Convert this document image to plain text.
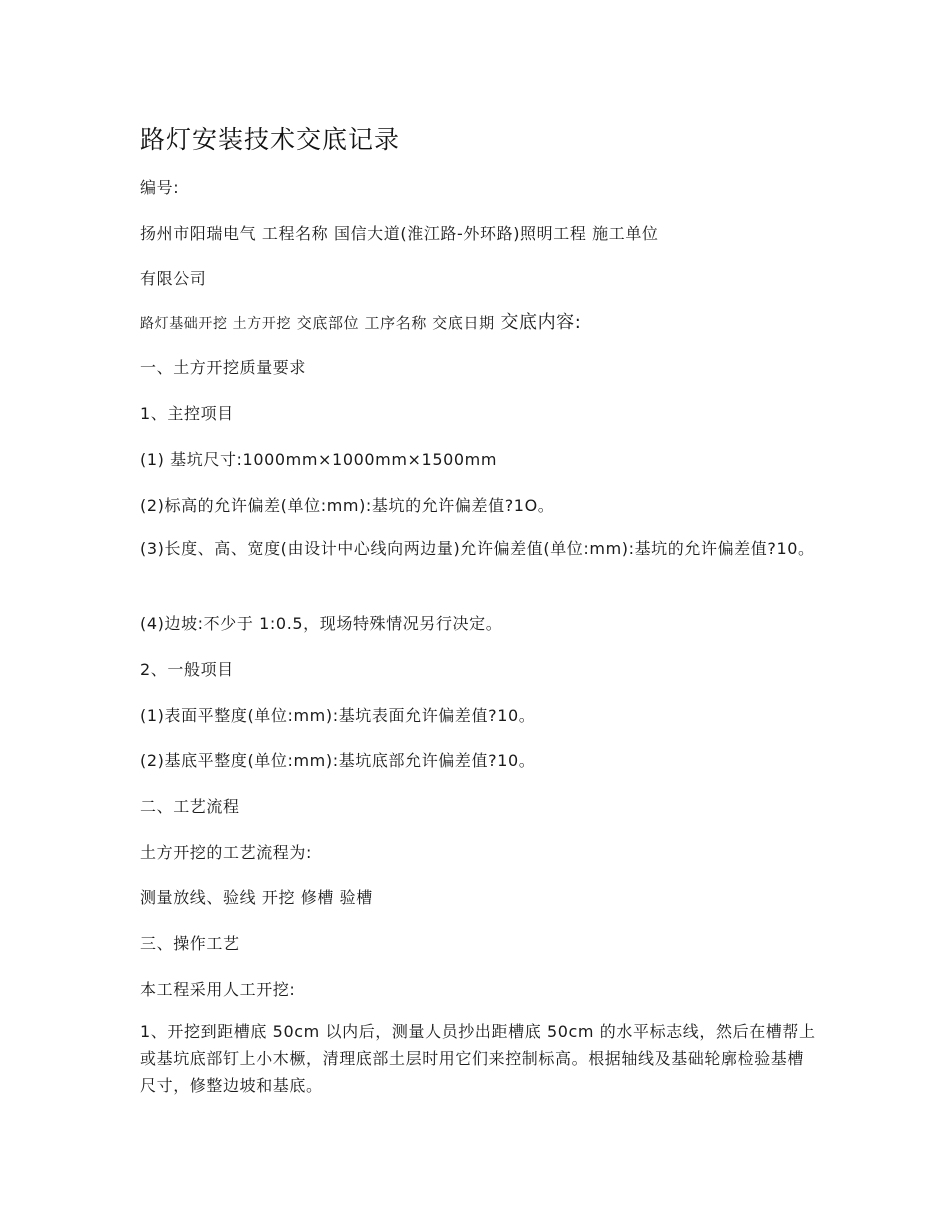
路灯安装技术交底记录
编号:
扬州市阳瑞电气 工程名称 国信大道(淮江路-外环路)照明工程 施工单位
有限公司
路灯基础开挖 土方开挖 交底部位 工序名称 交底日期 交底内容:
一、土方开挖质量要求
1、主控项目
(1) 基坑尺寸:1000mm×1000mm×1500mm
(2)标高的允许偏差(单位:mm):基坑的允许偏差值?1O。
(3)长度、高、宽度(由设计中心线向两边量)允许偏差值(单位:mm):基坑的允许偏差值?10。
(4)边坡:不少于 1:0.5，现场特殊情况另行决定。
2、一般项目
(1)表面平整度(单位:mm):基坑表面允许偏差值?10。
(2)基底平整度(单位:mm):基坑底部允许偏差值?10。
二、工艺流程
土方开挖的工艺流程为:
测量放线、验线 开挖 修槽 验槽
三、操作工艺
本工程采用人工开挖:
1、开挖到距槽底 50cm 以内后，测量人员抄出距槽底 50cm 的水平标志线，然后在槽帮上或基坑底部钉上小木橛，清理底部土层时用它们来控制标高。根据轴线及基础轮廓检验基槽尺寸，修整边坡和基底。
